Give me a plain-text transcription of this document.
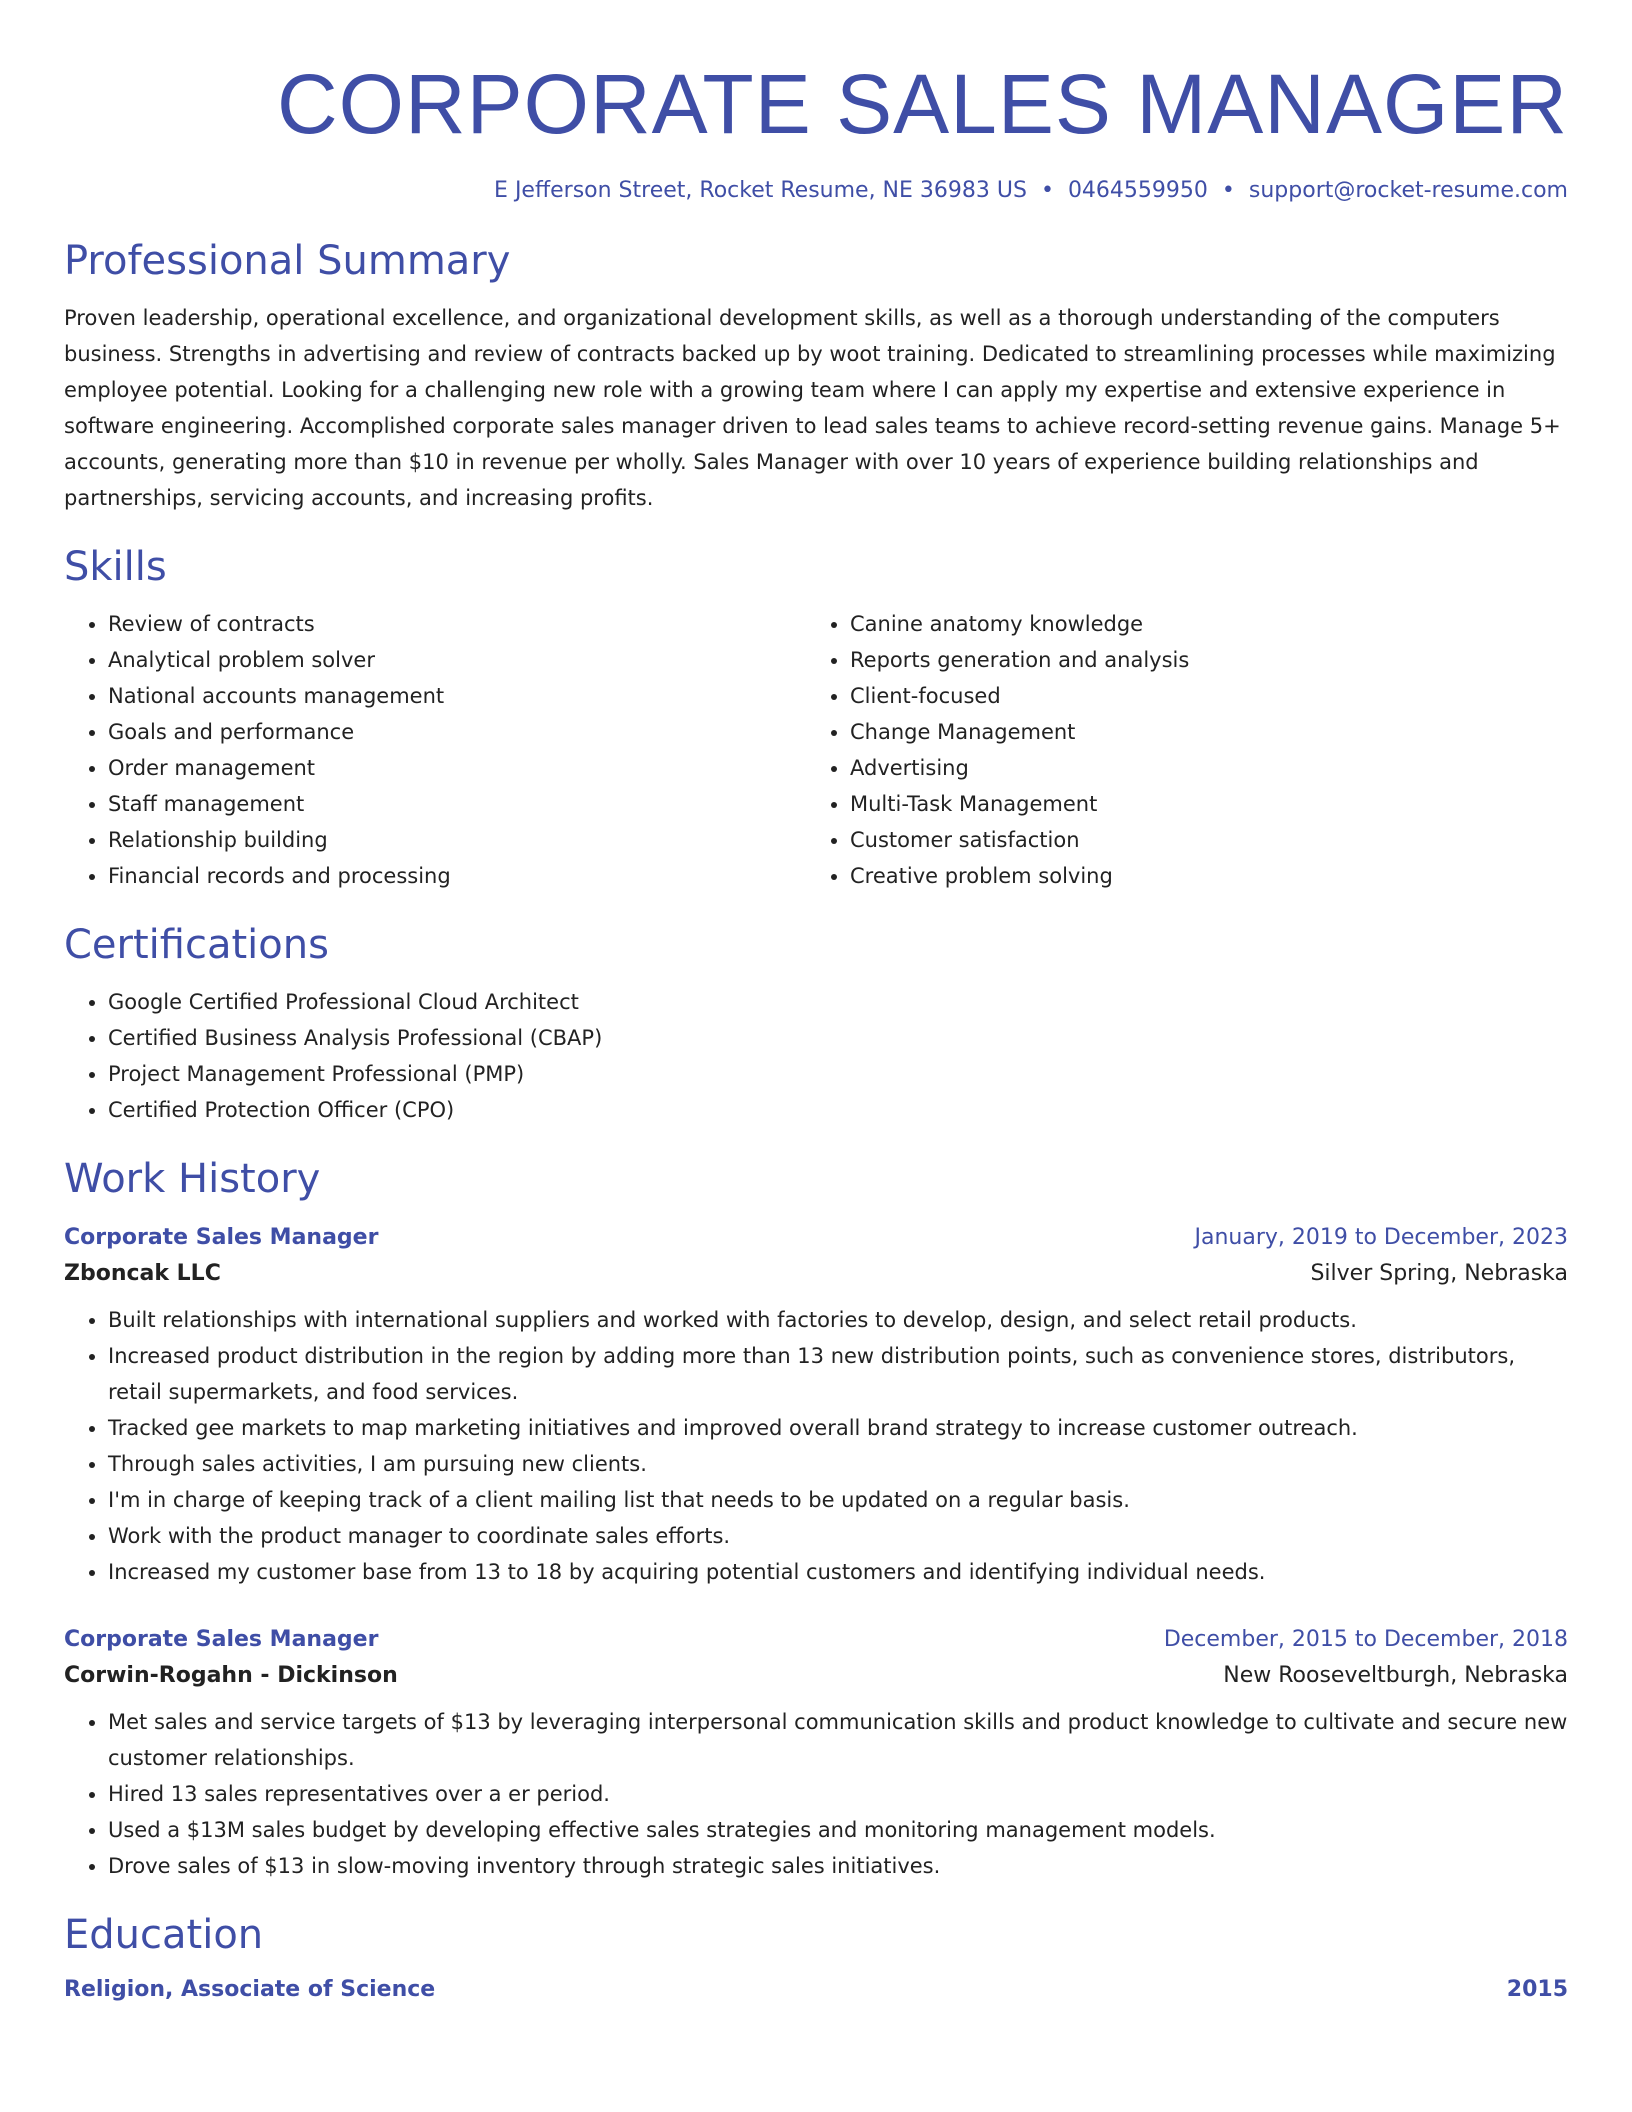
CORPORATE SALES MANAGER
E Jefferson Street, Rocket Resume, NE 36983 US • 0464559950 • support@rocket-resume.com
Professional Summary
Proven leadership, operational excellence, and organizational development skills, as well as a thorough understanding of the computers business. Strengths in advertising and review of contracts backed up by woot training. Dedicated to streamlining processes while maximizing employee potential. Looking for a challenging new role with a growing team where I can apply my expertise and extensive experience in software engineering. Accomplished corporate sales manager driven to lead sales teams to achieve record-setting revenue gains. Manage 5+ accounts, generating more than $10 in revenue per wholly. Sales Manager with over 10 years of experience building relationships and partnerships, servicing accounts, and increasing profits.
Skills
• Review of contracts
• Analytical problem solver
• National accounts management
• Goals and performance
• Order management
• Staff management
• Relationship building
• Financial records and processing
• Canine anatomy knowledge
• Reports generation and analysis
• Client-focused
• Change Management
• Advertising
• Multi-Task Management
• Customer satisfaction
• Creative problem solving
Certifications
• Google Certified Professional Cloud Architect
• Certified Business Analysis Professional (CBAP)
• Project Management Professional (PMP)
• Certified Protection Officer (CPO)
Work History
Corporate Sales Manager	January, 2019 to December, 2023
Zboncak LLC	Silver Spring, Nebraska
• Built relationships with international suppliers and worked with factories to develop, design, and select retail products.
• Increased product distribution in the region by adding more than 13 new distribution points, such as convenience stores, distributors, retail supermarkets, and food services.
• Tracked gee markets to map marketing initiatives and improved overall brand strategy to increase customer outreach.
• Through sales activities, I am pursuing new clients.
• I'm in charge of keeping track of a client mailing list that needs to be updated on a regular basis.
• Work with the product manager to coordinate sales efforts.
• Increased my customer base from 13 to 18 by acquiring potential customers and identifying individual needs.
Corporate Sales Manager	December, 2015 to December, 2018
Corwin-Rogahn - Dickinson	New Rooseveltburgh, Nebraska
• Met sales and service targets of $13 by leveraging interpersonal communication skills and product knowledge to cultivate and secure new customer relationships.
• Hired 13 sales representatives over a er period.
• Used a $13M sales budget by developing effective sales strategies and monitoring management models.
• Drove sales of $13 in slow-moving inventory through strategic sales initiatives.
Education
Religion, Associate of Science	2015
